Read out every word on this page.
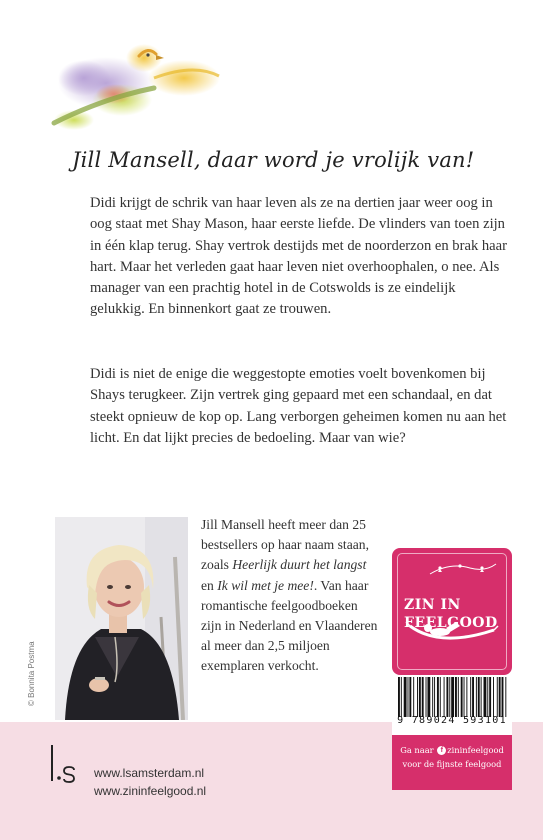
Jill Mansell, daar word je vrolijk van!

Didi krijgt de schrik van haar leven als ze na dertien jaar weer oog in oog staat met Shay Mason, haar eerste liefde. De vlinders van toen zijn in één klap terug. Shay vertrok destijds met de noorderzon en brak haar hart. Maar het verleden gaat haar leven niet overhoophalen, o nee. Als manager van een prachtig hotel in de Cotswolds is ze eindelijk gelukkig. En binnenkort gaat ze trouwen.

Didi is niet de enige die weggestopte emoties voelt bovenkomen bij Shays terugkeer. Zijn vertrek ging gepaard met een schandaal, en dat steekt opnieuw de kop op. Lang verborgen geheimen komen nu aan het licht. En dat lijkt precies de bedoeling. Maar van wie?

© Bonnita Postma

Jill Mansell heeft meer dan 25 bestsellers op haar naam staan, zoals Heerlijk duurt het langst en Ik wil met je mee!. Van haar romantische feelgoodboeken zijn in Nederland en Vlaanderen al meer dan 2,5 miljoen exemplaren verkocht.

www.lsamsterdam.nl
www.zininfeelgood.nl

ZIN IN
FEELGOOD

9 789024 593101
Ga naar f zininfeelgood
voor de fijnste feelgood
